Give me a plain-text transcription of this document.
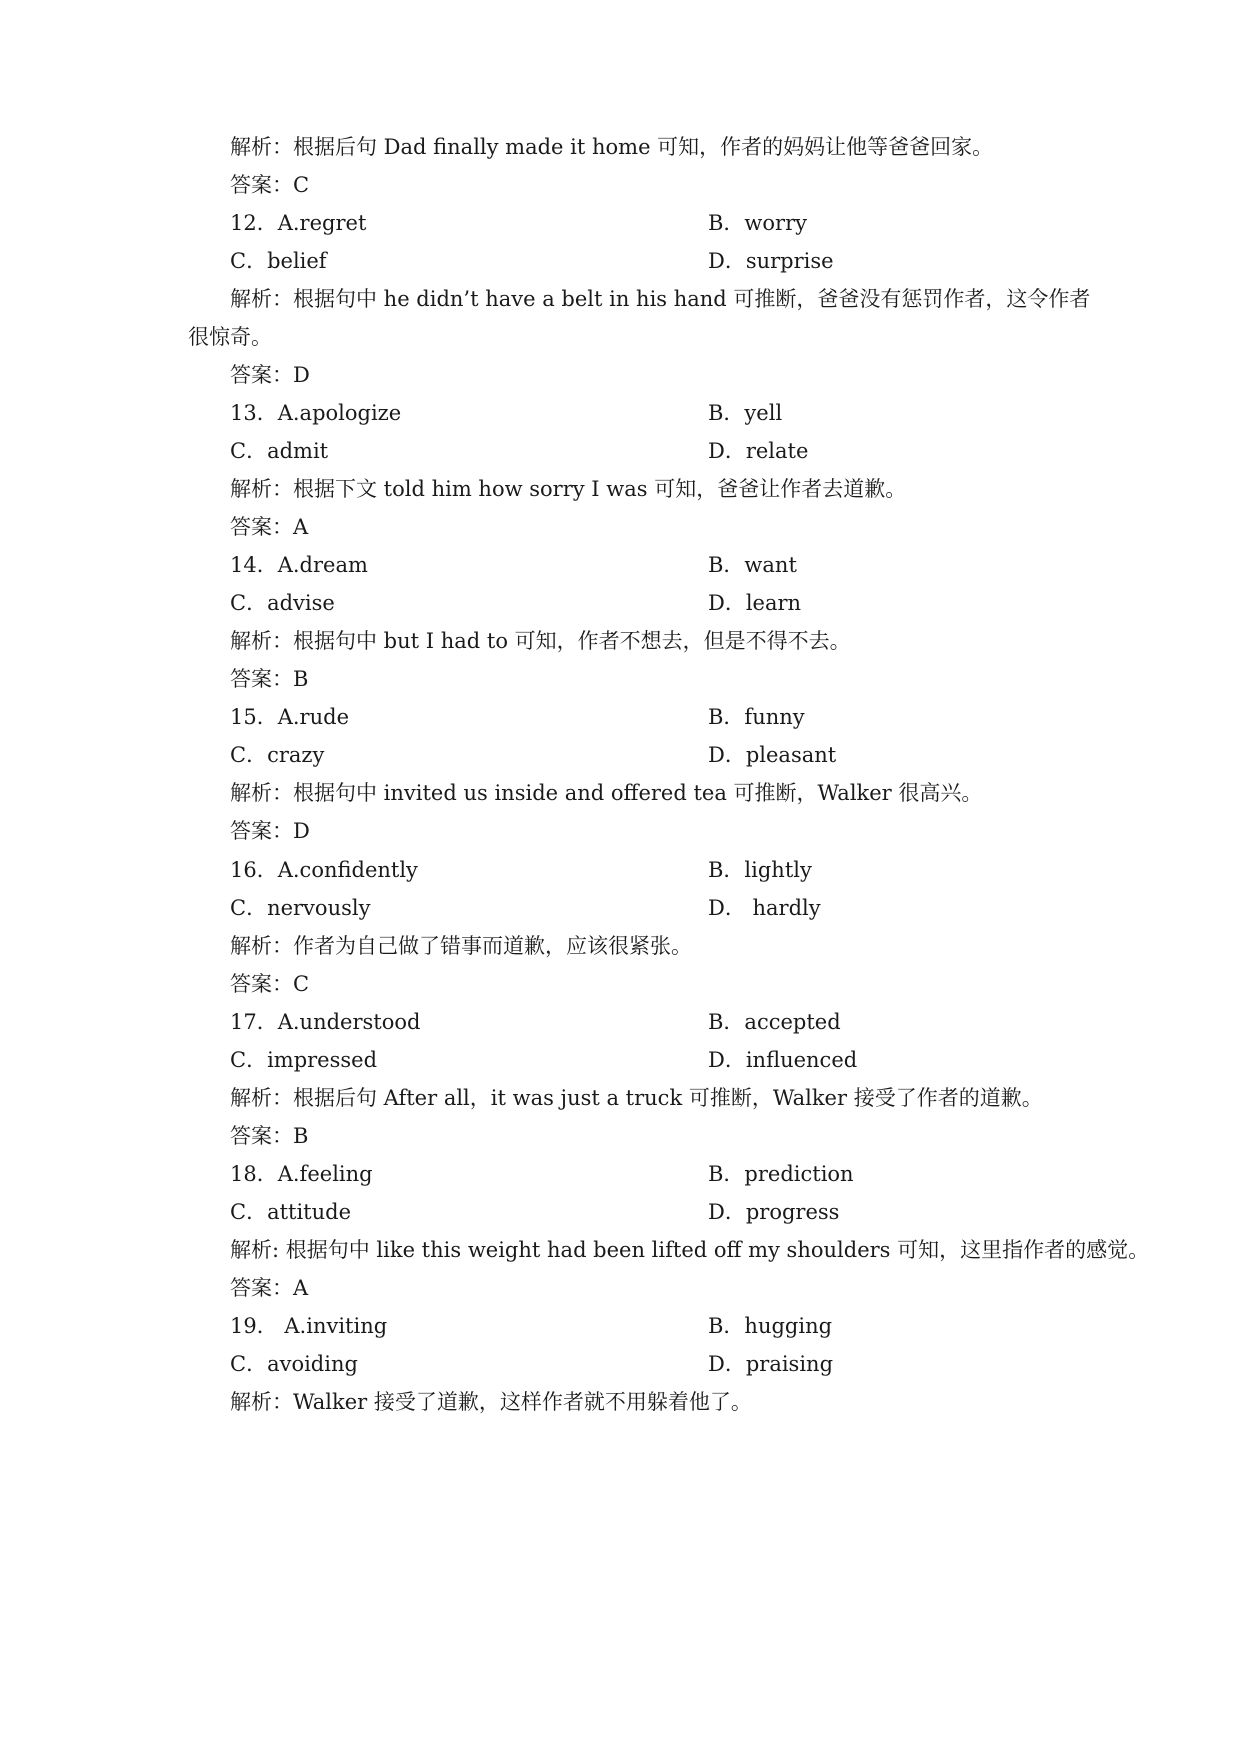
解析：根据后句 Dad finally made it home 可知，作者的妈妈让他等爸爸回家。
答案：C
12．A.regret	B．worry
C．belief	D．surprise
解析：根据句中 he didn’t have a belt in his hand 可推断，爸爸没有惩罚作者，这令作者
很惊奇。
答案：D
13．A.apologize	B．yell
C．admit	D．relate
解析：根据下文 told him how sorry I was 可知，爸爸让作者去道歉。
答案：A
14．A.dream	B．want
C．advise	D．learn
解析：根据句中 but I had to 可知，作者不想去，但是不得不去。
答案：B
15．A.rude	B．funny
C．crazy	D．pleasant
解析：根据句中 invited us inside and offered tea 可推断，Walker 很高兴。
答案：D
16．A.confidently	B．lightly
C．nervously	D． hardly
解析：作者为自己做了错事而道歉，应该很紧张。
答案：C
17．A.understood	B．accepted
C．impressed	D．influenced
解析：根据后句 After all，it was just a truck 可推断，Walker 接受了作者的道歉。
答案：B
18．A.feeling	B．prediction
C．attitude	D．progress
解析: 根据句中 like this weight had been lifted off my shoulders 可知，这里指作者的感觉。
答案：A
19． A.inviting	B．hugging
C．avoiding	D．praising
解析：Walker 接受了道歉，这样作者就不用躲着他了。
